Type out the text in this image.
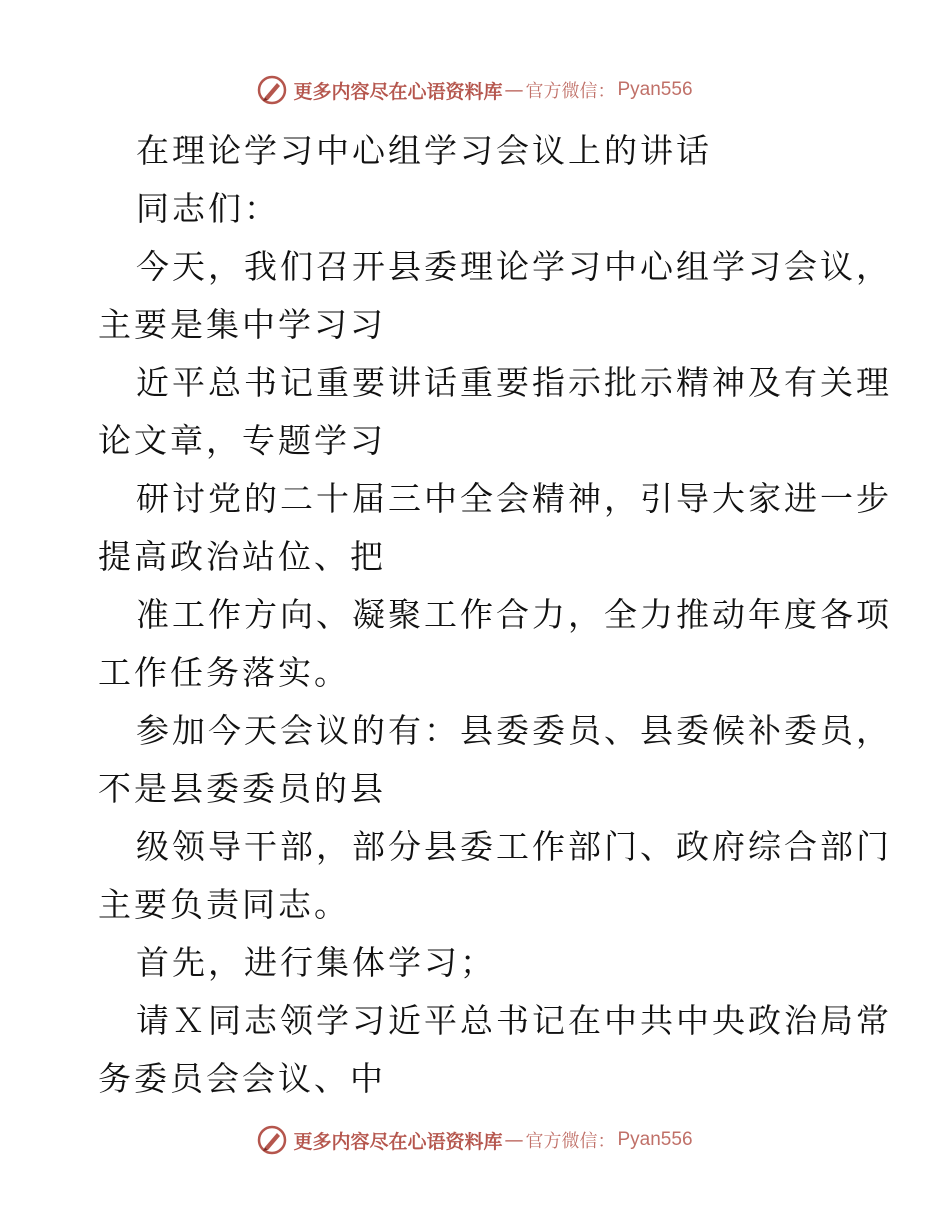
更多内容尽在心语资料库 — 官方微信： Pyan556

在理论学习中心组学习会议上的讲话

同志们：

今天，我们召开县委理论学习中心组学习会议，
主要是集中学习习

近平总书记重要讲话重要指示批示精神及有关理
论文章，专题学习

研讨党的二十届三中全会精神，引导大家进一步
提高政治站位、把

准工作方向、凝聚工作合力，全力推动年度各项
工作任务落实。

参加今天会议的有：县委委员、县委候补委员，
不是县委委员的县

级领导干部，部分县委工作部门、政府综合部门
主要负责同志。

首先，进行集体学习；

请Ｘ同志领学习近平总书记在中共中央政治局常
务委员会会议、中

更多内容尽在心语资料库 — 官方微信： Pyan556
